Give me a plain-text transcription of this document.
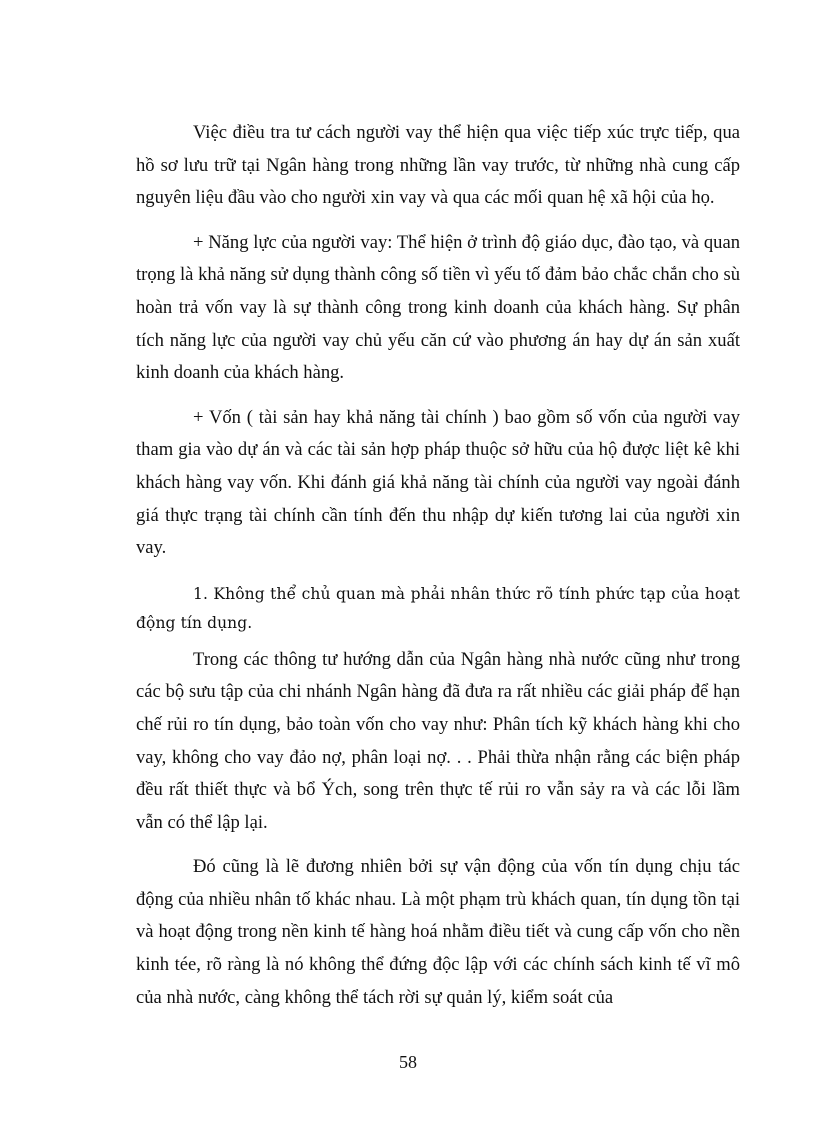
Việc điều tra tư cách người vay thể hiện qua việc tiếp xúc trực tiếp, qua hồ sơ lưu trữ tại Ngân hàng trong những lần vay trước, từ những nhà cung cấp nguyên liệu đầu vào cho người xin vay và qua các mối quan hệ xã hội của họ.

+ Năng lực của người vay: Thể hiện ở trình độ giáo dục, đào tạo, và quan trọng là khả năng sử dụng thành công số tiền vì yếu tố đảm bảo chắc chắn cho sù hoàn trả vốn vay là sự thành công trong kinh doanh của khách hàng. Sự phân tích năng lực của người vay chủ yếu căn cứ vào phương án hay dự án sản xuất kinh doanh của khách hàng.

+ Vốn ( tài sản hay khả năng tài chính ) bao gồm số vốn của người vay tham gia vào dự án và các tài sản hợp pháp thuộc sở hữu của hộ được liệt kê khi khách hàng vay vốn. Khi đánh giá khả năng tài chính của người vay ngoài đánh giá thực trạng tài chính cần tính đến thu nhập dự kiến tương lai của người xin vay.

1. Không thể chủ quan mà phải nhân thức rõ tính phức tạp của hoạt động tín dụng.

Trong các thông tư hướng dẫn của Ngân hàng nhà nước cũng như trong các bộ sưu tập của chi nhánh Ngân hàng đã đưa ra rất nhiều các giải pháp để hạn chế rủi ro tín dụng, bảo toàn vốn cho vay như: Phân tích kỹ khách hàng khi cho vay, không cho vay đảo nợ, phân loại nợ. . . Phải thừa nhận rằng các biện pháp đều rất thiết thực và bổ Ých, song trên thực tế rủi ro vẫn sảy ra và các lỗi lầm vẫn có thể lập lại.

Đó cũng là lẽ đương nhiên bởi sự vận động của vốn tín dụng chịu tác động của nhiều nhân tố khác nhau. Là một phạm trù khách quan, tín dụng tồn tại và hoạt động trong nền kinh tế hàng hoá nhằm điều tiết và cung cấp vốn cho nền kinh tée, rõ ràng là nó không thể đứng độc lập với các chính sách kinh tế vĩ mô của nhà nước, càng không thể tách rời sự quản lý, kiểm soát của

58
